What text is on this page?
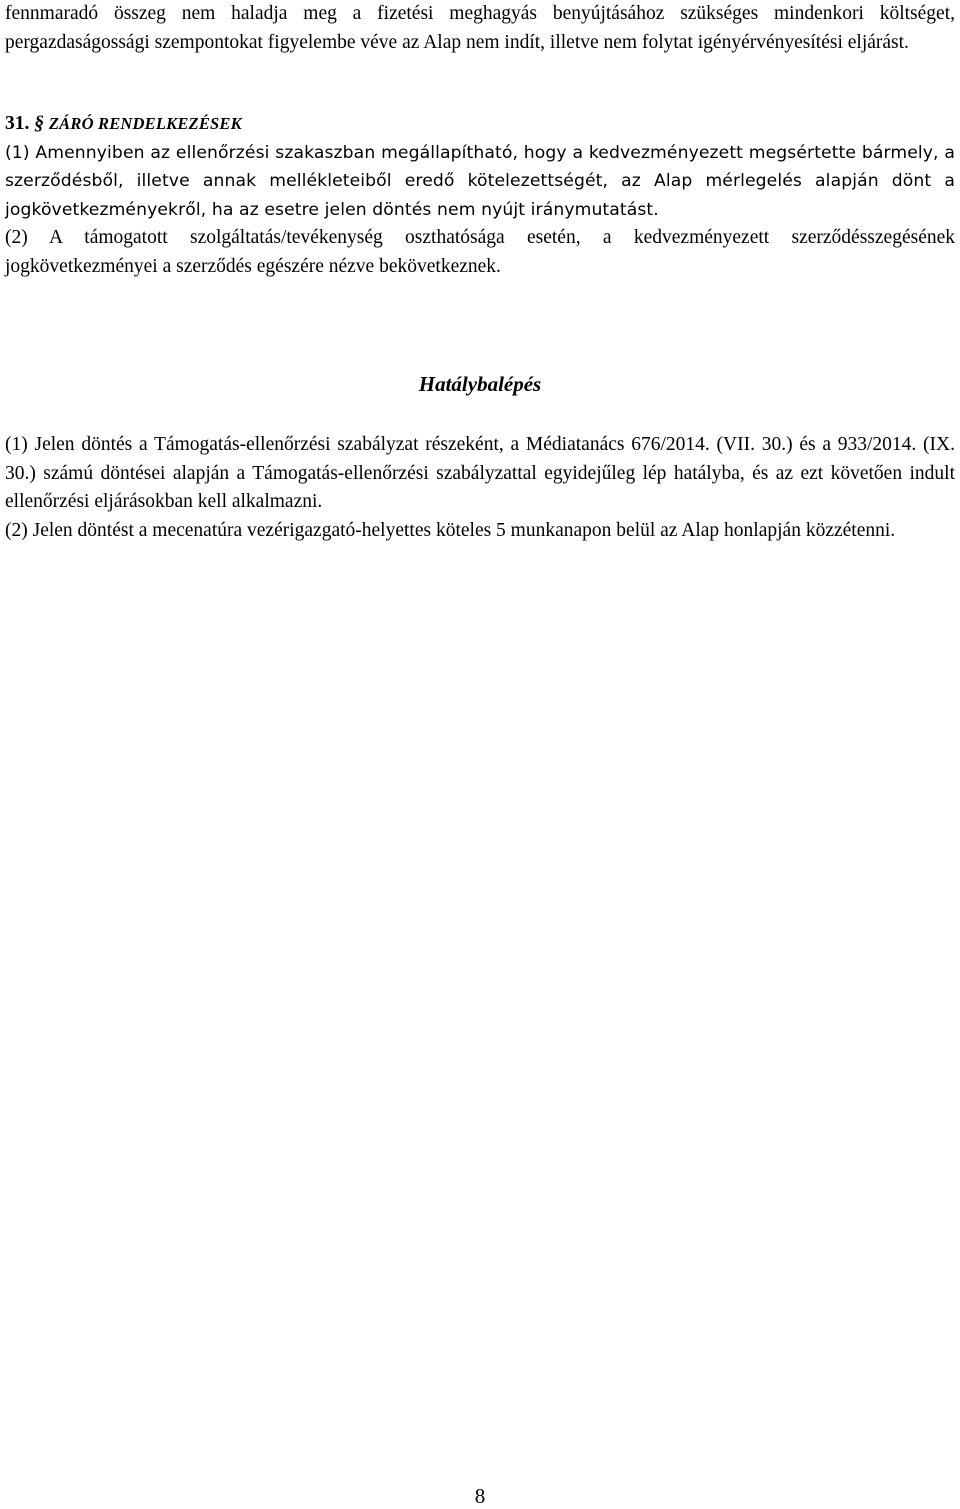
fennmaradó összeg nem haladja meg a fizetési meghagyás benyújtásához szükséges mindenkori költséget, pergazdaságossági szempontokat figyelembe véve az Alap nem indít, illetve nem folytat igényérvényesítési eljárást.

31. § ZÁRÓ RENDELKEZÉSEK

(1) Amennyiben az ellenőrzési szakaszban megállapítható, hogy a kedvezményezett megsértette bármely, a szerződésből, illetve annak mellékleteiből eredő kötelezettségét, az Alap mérlegelés alapján dönt a jogkövetkezményekről, ha az esetre jelen döntés nem nyújt iránymutatást.

(2) A támogatott szolgáltatás/tevékenység oszthatósága esetén, a kedvezményezett szerződésszegésének jogkövetkezményei a szerződés egészére nézve bekövetkeznek.

Hatálybalépés

(1) Jelen döntés a Támogatás-ellenőrzési szabályzat részeként, a Médiatanács 676/2014. (VII. 30.) és a 933/2014. (IX. 30.) számú döntései alapján a Támogatás-ellenőrzési szabályzattal egyidejűleg lép hatályba, és az ezt követően indult ellenőrzési eljárásokban kell alkalmazni.

(2) Jelen döntést a mecenatúra vezérigazgató-helyettes köteles 5 munkanapon belül az Alap honlapján közzétenni.

8
